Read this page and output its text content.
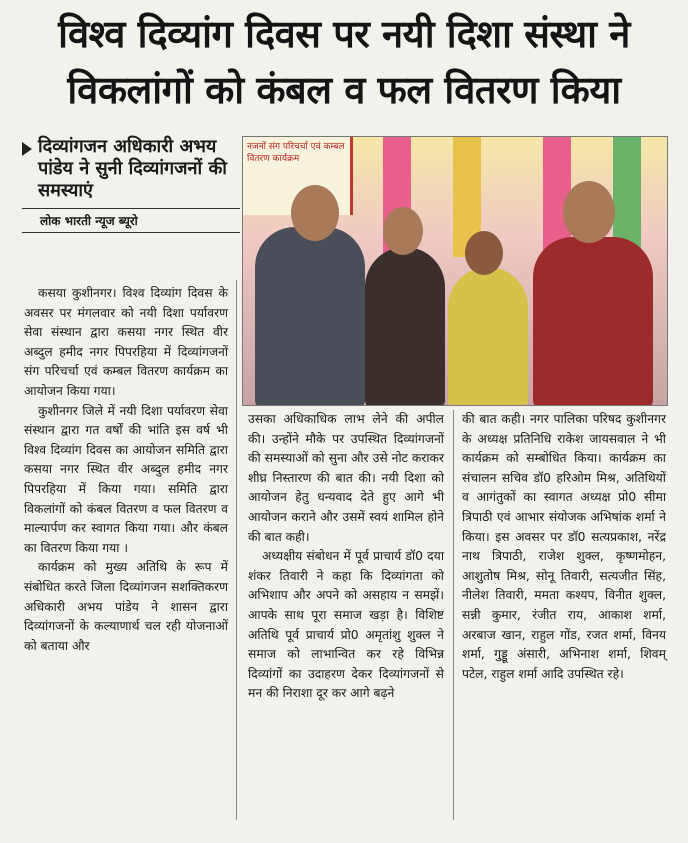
विश्व दिव्यांग दिवस पर नयी दिशा संस्था ने
विकलांगों को कंबल व फल वितरण किया
दिव्यांगजन अधिकारी अभय पांडेय ने सुनी दिव्यांगजनों की समस्याएं
लोक भारती न्यूज ब्यूरो
नजनों संग परिचर्चा एवं कम्बल वितरण कार्यक्रम

कसया कुशीनगर। विश्व दिव्यांग दिवस के अवसर पर मंगलवार को नयी दिशा पर्यावरण सेवा संस्थान द्वारा कसया नगर स्थित वीर अब्दुल हमीद नगर पिपरहिया में दिव्यांगजनों संग परिचर्चा एवं कम्बल वितरण कार्यक्रम का आयोजन किया गया।

कुशीनगर जिले में नयी दिशा पर्यावरण सेवा संस्थान द्वारा गत वर्षों की भांति इस वर्ष भी विश्व दिव्यांग दिवस का आयोजन समिति द्वारा कसया नगर स्थित वीर अब्दुल हमीद नगर पिपरहिया में किया गया। समिति द्वारा विकलांगों को कंबल वितरण व फल वितरण व माल्यार्पण कर स्वागत किया गया। और कंबल का वितरण किया गया ।

कार्यक्रम को मुख्य अतिथि के रूप में संबोधित करते जिला दिव्यांगजन सशक्तिकरण अधिकारी अभय पांडेय ने शासन द्वारा दिव्यांगजनों के कल्याणार्थ चल रही योजनाओं को बताया और

उसका अधिकाधिक लाभ लेने की अपील की। उन्होंने मौके पर उपस्थित दिव्यांगजनों की समस्याओं को सुना और उसे नोट कराकर शीघ्र निस्तारण की बात की। नयी दिशा को आयोजन हेतु धन्यवाद देते हुए आगे भी आयोजन कराने और उसमें स्वयं शामिल होने की बात कही।

अध्यक्षीय संबोधन में पूर्व प्राचार्य डॉ0 दया शंकर तिवारी ने कहा कि दिव्यांगता को अभिशाप और अपने को असहाय न समझें। आपके साथ पूरा समाज खड़ा है। विशिष्ट अतिथि पूर्व प्राचार्य प्रो0 अमृतांशु शुक्ल ने समाज को लाभान्वित कर रहे विभिन्न दिव्यांगों का उदाहरण देकर दिव्यांगजनों से मन की निराशा दूर कर आगे बढ़ने

की बात कही। नगर पालिका परिषद कुशीनगर के अध्यक्ष प्रतिनिधि राकेश जायसवाल ने भी कार्यक्रम को सम्बोधित किया। कार्यक्रम का संचालन सचिव डॉ0 हरिओम मिश्र, अतिथियों व आगंतुकों का स्वागत अध्यक्ष प्रो0 सीमा त्रिपाठी एवं आभार संयोजक अभिषांक शर्मा ने किया। इस अवसर पर डॉ0 सत्यप्रकाश, नरेंद्र नाथ त्रिपाठी, राजेश शुक्ल, कृष्णमोहन, आशुतोष मिश्र, सोनू तिवारी, सत्यजीत सिंह, नीलेश तिवारी, ममता कश्यप, विनीत शुक्ल, सन्नी कुमार, रंजीत राय, आकाश शर्मा, अरबाज खान, राहुल गोंड, रजत शर्मा, विनय शर्मा, गुड्डू अंसारी, अभिनाश शर्मा, शिवम् पटेल, राहुल शर्मा आदि उपस्थित रहे।
